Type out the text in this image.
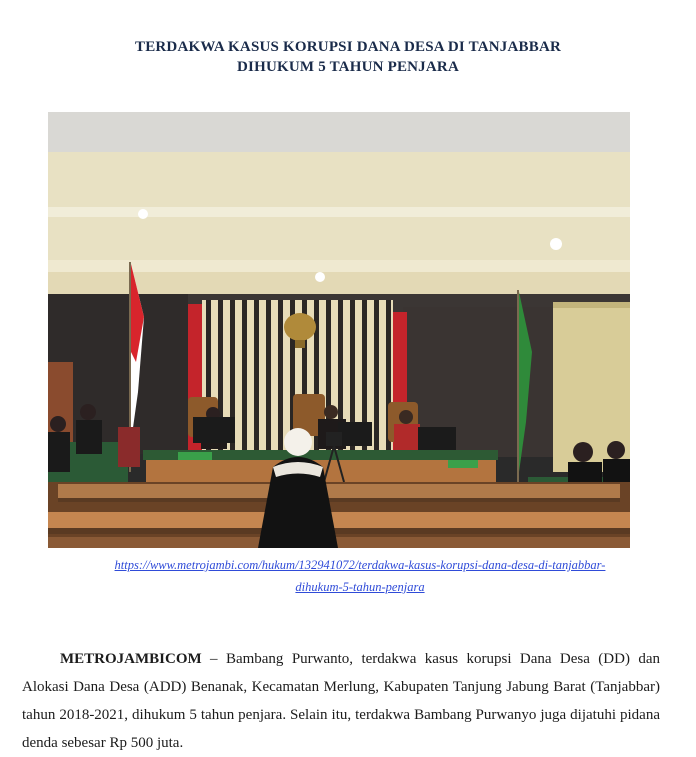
TERDAKWA KASUS KORUPSI DANA DESA DI TANJABBAR
DIHUKUM 5 TAHUN PENJARA
https://www.metrojambi.com/hukum/132941072/terdakwa-kasus-korupsi-dana-desa-di-tanjabbar-
dihukum-5-tahun-penjara

METROJAMBICOM – Bambang Purwanto, terdakwa kasus korupsi Dana Desa (DD) dan Alokasi Dana Desa (ADD) Benanak, Kecamatan Merlung, Kabupaten Tanjung Jabung Barat (Tanjabbar) tahun 2018-2021, dihukum 5 tahun penjara. Selain itu, terdakwa Bambang Purwanyo juga dijatuhi pidana denda sebesar Rp 500 juta.
